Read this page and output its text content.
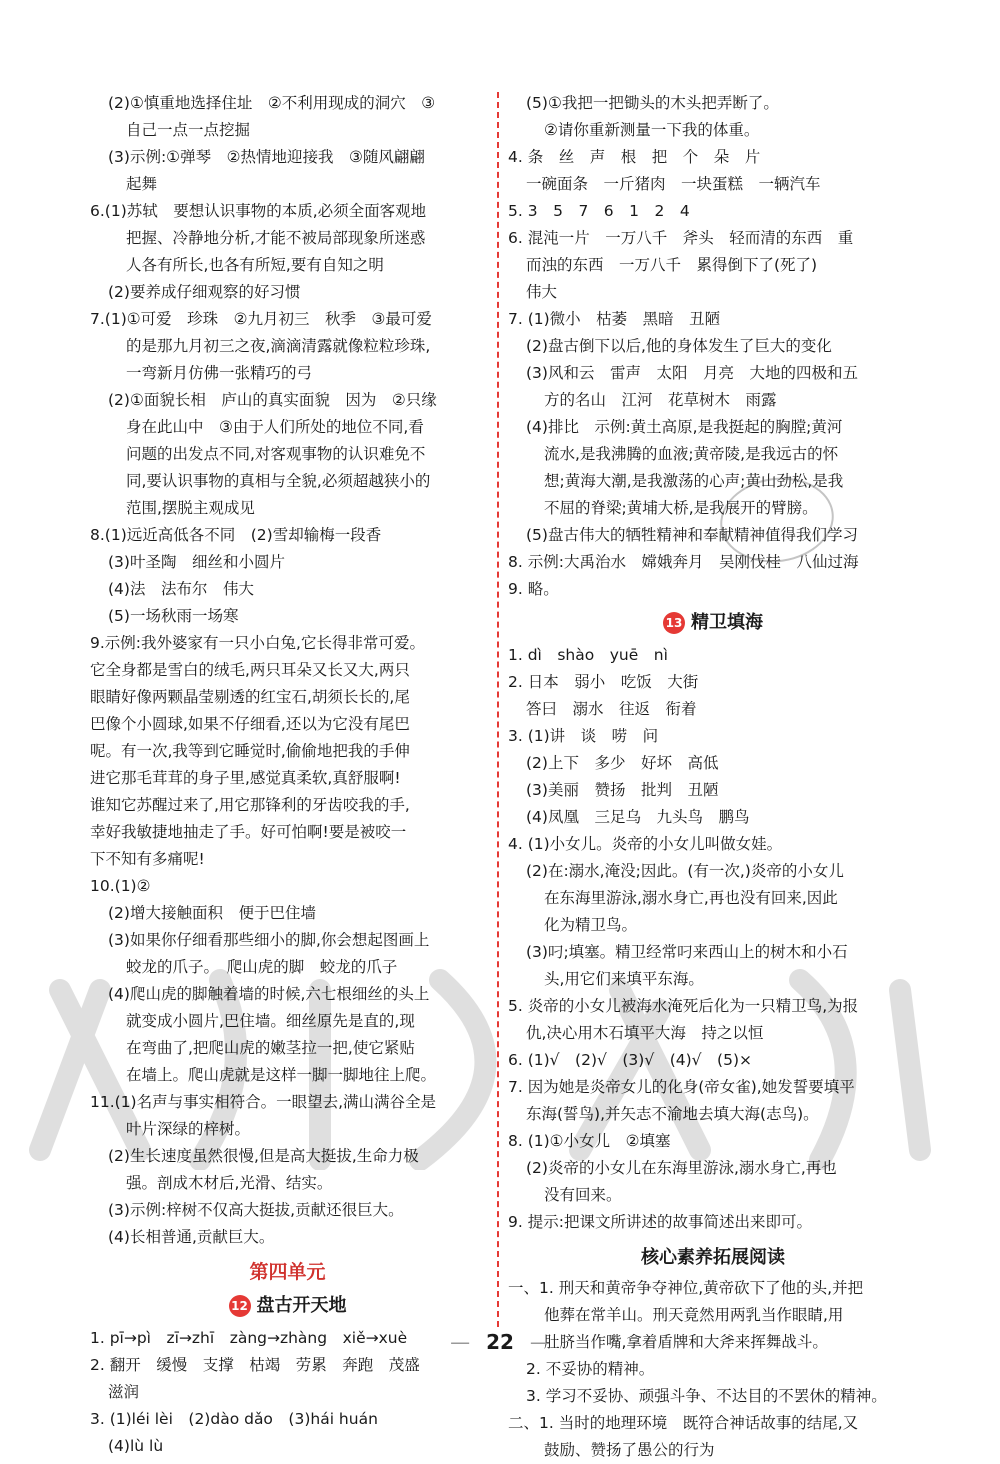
(2)①慎重地选择住址　②不利用现成的洞穴　③
自己一点一点挖掘
(3)示例:①弹琴　②热情地迎接我　③随风翩翩
起舞
6.(1)苏轼　要想认识事物的本质,必须全面客观地
把握、冷静地分析,才能不被局部现象所迷惑
人各有所长,也各有所短,要有自知之明
(2)要养成仔细观察的好习惯
7.(1)①可爱　珍珠　②九月初三　秋季　③最可爱
的是那九月初三之夜,滴滴清露就像粒粒珍珠,
一弯新月仿佛一张精巧的弓
(2)①面貌长相　庐山的真实面貌　因为　②只缘
身在此山中　③由于人们所处的地位不同,看
问题的出发点不同,对客观事物的认识难免不
同,要认识事物的真相与全貌,必须超越狭小的
范围,摆脱主观成见
8.(1)远近高低各不同　(2)雪却输梅一段香
(3)叶圣陶　细丝和小圆片
(4)法　法布尔　伟大
(5)一场秋雨一场寒
9.示例:我外婆家有一只小白兔,它长得非常可爱。
它全身都是雪白的绒毛,两只耳朵又长又大,两只
眼睛好像两颗晶莹剔透的红宝石,胡须长长的,尾
巴像个小圆球,如果不仔细看,还以为它没有尾巴
呢。有一次,我等到它睡觉时,偷偷地把我的手伸
进它那毛茸茸的身子里,感觉真柔软,真舒服啊!
谁知它苏醒过来了,用它那锋利的牙齿咬我的手,
幸好我敏捷地抽走了手。好可怕啊!要是被咬一
下不知有多痛呢!
10.(1)②
(2)增大接触面积　便于巴住墙
(3)如果你仔细看那些细小的脚,你会想起图画上
蛟龙的爪子。　爬山虎的脚　蛟龙的爪子
(4)爬山虎的脚触着墙的时候,六七根细丝的头上
就变成小圆片,巴住墙。细丝原先是直的,现
在弯曲了,把爬山虎的嫩茎拉一把,使它紧贴
在墙上。爬山虎就是这样一脚一脚地往上爬。
11.(1)名声与事实相符合。一眼望去,满山满谷全是
叶片深绿的梓树。
(2)生长速度虽然很慢,但是高大挺拔,生命力极
强。剖成木材后,光滑、结实。
(3)示例:梓树不仅高大挺拔,贡献还很巨大。
(4)长相普通,贡献巨大。
第四单元
12 盘古开天地
1. pī→pì　zī→zhī　zàng→zhàng　xiě→xuè
2. 翻开　缓慢　支撑　枯竭　劳累　奔跑　茂盛
滋润
3. (1)léi lèi　(2)dào dǎo　(3)hái huán
(4)lù lù
(5)①我把一把锄头的木头把弄断了。
②请你重新测量一下我的体重。
4. 条　丝　声　根　把　个　朵　片
一碗面条　一斤猪肉　一块蛋糕　一辆汽车
5. 3　5　7　6　1　2　4
6. 混沌一片　一万八千　斧头　轻而清的东西　重
而浊的东西　一万八千　累得倒下了(死了)
伟大
7. (1)微小　枯萎　黑暗　丑陋
(2)盘古倒下以后,他的身体发生了巨大的变化
(3)风和云　雷声　太阳　月亮　大地的四极和五
方的名山　江河　花草树木　雨露
(4)排比　示例:黄土高原,是我挺起的胸膛;黄河
流水,是我沸腾的血液;黄帝陵,是我远古的怀
想;黄海大潮,是我激荡的心声;黄山劲松,是我
不屈的脊梁;黄埔大桥,是我展开的臂膀。
(5)盘古伟大的牺牲精神和奉献精神值得我们学习
8. 示例:大禹治水　嫦娥奔月　吴刚伐桂　八仙过海
9. 略。
13 精卫填海
1. dì　shào　yuē　nì
2. 日本　弱小　吃饭　大街
答曰　溺水　往返　衔着
3. (1)讲　谈　唠　问
(2)上下　多少　好坏　高低
(3)美丽　赞扬　批判　丑陋
(4)凤凰　三足乌　九头鸟　鹏鸟
4. (1)小女儿。炎帝的小女儿叫做女娃。
(2)在:溺水,淹没;因此。(有一次,)炎帝的小女儿
在东海里游泳,溺水身亡,再也没有回来,因此
化为精卫鸟。
(3)叼;填塞。精卫经常叼来西山上的树木和小石
头,用它们来填平东海。
5. 炎帝的小女儿被海水淹死后化为一只精卫鸟,为报
仇,决心用木石填平大海　持之以恒
6. (1)√　(2)√　(3)√　(4)√　(5)×
7. 因为她是炎帝女儿的化身(帝女雀),她发誓要填平
东海(誓鸟),并矢志不渝地去填大海(志鸟)。
8. (1)①小女儿　②填塞
(2)炎帝的小女儿在东海里游泳,溺水身亡,再也
没有回来。
9. 提示:把课文所讲述的故事简述出来即可。
核心素养拓展阅读
一、1. 刑天和黄帝争夺神位,黄帝砍下了他的头,并把
他葬在常羊山。刑天竟然用两乳当作眼睛,用
肚脐当作嘴,拿着盾牌和大斧来挥舞战斗。
2. 不妥协的精神。
3. 学习不妥协、顽强斗争、不达目的不罢休的精神。
二、1. 当时的地理环境　既符合神话故事的结尾,又
鼓励、赞扬了愚公的行为
— 22 —
